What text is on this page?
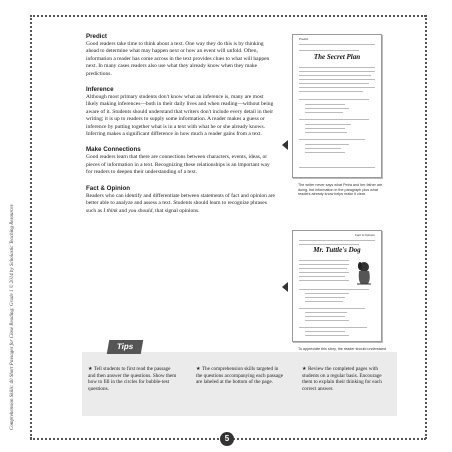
Comprehension Skills: 40 Short Passages for Close Reading: Grade 1 © 2014 by Scholastic Teaching Resources
Predict
Good readers take time to think about a text. One way they do this is by thinking ahead to determine what may happen next or how an event will unfold. Often, information a reader has come across in the text provides clues to what will happen next. In many cases readers also use what they already know when they make predictions.
Inference
Although most primary students don't know what an inference is, many are most likely making inferences—both in their daily lives and when reading—without being aware of it. Students should understand that writers don't include every detail in their writing; it is up to readers to supply some information. A reader makes a guess or inference by putting together what is in a text with what he or she already knows. Inferring makes a significant difference in how much a reader gains from a text.
Make Connections
Good readers learn that there are connections between characters, events, ideas, or pieces of information in a text. Recognizing these relationships is an important way for readers to deepen their understanding of a text.
Fact & Opinion
Readers who can identify and differentiate between statements of fact and opinion are better able to analyze and assess a text. Students should learn to recognize phrases such as I think and you should, that signal opinions.
Predict
The Secret Plan
The writer never says what Petra and her father are doing, but information in the paragraph plus what readers already know helps make it clear.
Fact & Opinion
Mr. Tuttle's Dog
To appreciate this story, the reader should understand
Tips
★ Tell students to first read the passage and then answer the questions. Show them how to fill in the circles for bubble-test questions.
★ The comprehension skills targeted in the questions accompanying each passage are labeled at the bottom of the page.
★ Review the completed pages with students on a regular basis. Encourage them to explain their thinking for each correct answer.
5
